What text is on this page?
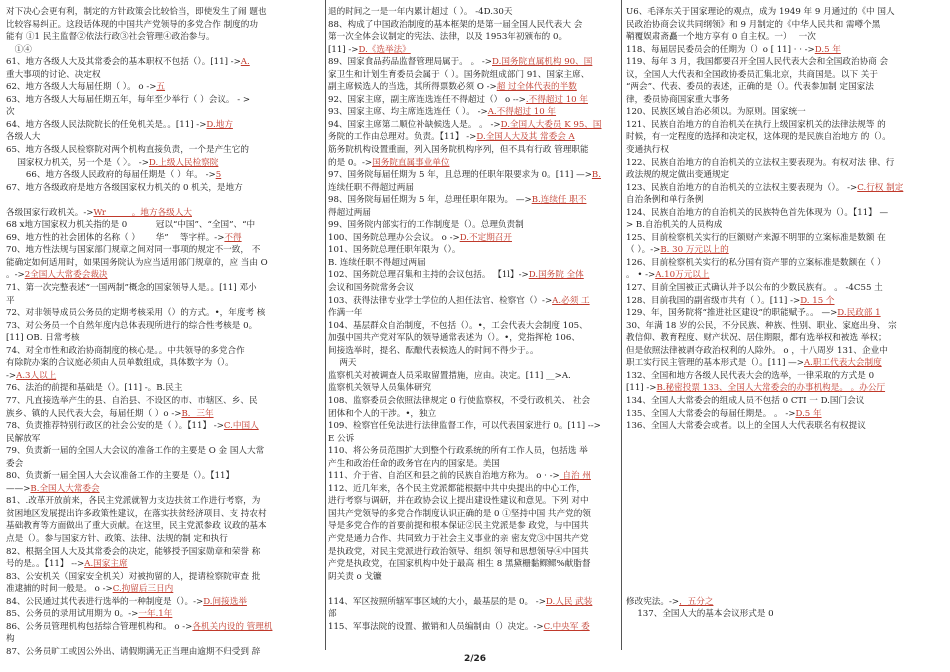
对下决心会更有利，制定的方针政策会比较恰当，即使发生了闹 题也
比较容易纠正。这段话体现的中国共产党领导的多党合作 制度的功
能有 ①1 民主监督②依法行政③社会管理④政治参与。
　①④
61、地方各级人大及其常委会的基本职权不包括（）。[11] ->A.
重大事项的讨论、决定权
62、地方各级人大每届任期（ ）。 o ->五
63、地方各级人大每届任期五年，每年至少举行（ ）会议。 - >
次
64、地方各级人民法院院长的任免机关是。。[11] ->D.地方
各级人大
65、地方各级人民检察院对两个机构直接负责，一个是产生它的
　 国家权力机关，另一个是（ 〉。 ->D.上级人民检察院
　　 66、地方各级人民政府的每届任期是（ ）年。 ->5
67、地方各级政府是地方各级国家权力机关的 0 机关，是地方

各级国家行政机关。->Wr　　　。地方各级人大
68 x地方国家权力机关指的是 0　　　 冠以“中国”、“全国”、“中
69、地方性的社会团体的名称（ ）　　 华”　 等字样。->不得
70、地方性法规与国家部门规章之间对同一事项的规定不一致， 不
能确定如何适用时，如果国务院认为应当适用部门规章的，应 当由 O
。->2全国人大常委会裁决
71、第一次完整表述“一国两制”概念的国家领导人是。。[11] 邓小
平
72、对非领导成员公务员的定期考核采用（）的方式。•，年度考 核
73、对公务员一个自然年度内总体表现所进行的综合性考核是 0。
[11] OB. 日常考核
74、对全市性和政治协商制度的核心是。。中共领导的多党合作
有除院办案的合议庭必须由人员单数组成，具体数字为（）。
->A.3人以上
76、法治的前提和基础是（）。[11] -。B.民主
77、凡直接选举产生的县、自治县、不设区的市、市辖区、乡、民
族乡、镇的人民代表大会，每届任期（ ）o ->B．三年
78、负责推荐特别行政区的社会公安的是（ ）。【11】 ->C.中国人
民解放军
79、负责新一届的全国人大会议的准备工作的主要是 O 金 国人大常
委会
80、负责新一届全国人大会议准备工作的主要是（）。【11】
——>B.全国人大常委会
81、.改革开放前来，各民主党派就智力支边扶贫工作进行考察，为
贫困地区发展提出许多政策性建议，在落实扶贫经济项目、支 持农村
基础教育等方面做出了重大贡献。在这里，民主党派参政 议政的基本
点是（）。参与国家方针、政策、法律、法规的制 定和执行
82、根据全国人大及其常委会的决定，能够授予国家勋章和荣誉 称
号的是。。【11】 -->A.国家主席
83、公安机关（国家安全机关）对被拘留的人，提请检察院审查 批
准逮捕的时间一般是。 o ->C.拘留后三日内
84、公民通过其代表进行选举的一种制度是（）。->D.间接选举
85、公务员的录用试用期为 0。->一年.1年
86、公务员管理机构包括综合管理机构和。 o ->各机关内设的 管理机
构
87、公务员旷工或因公外出、请假期满无正当理由逾期不归受到 辞
退的时间之一是一年内累计超过（ ）。 -4D.30天
88、构成了中国政治制度的基本框架的是第一届全国人民代表大 会
第一次全体会议制定的宪法、法律，以及 1953年初颁布的 0。
[11] ->D.《选举法》
89、国家食品药品监督管理局属于。 。 ->D.国务院直属机构 90、国
家卫生和计划生育委员会属于（ ）。国务院组成部门 91、国家主席、
副主席候选人的当选，其所得票数必须 O ->超 过全体代表的半数
92、国家主席，副主席连选连任不得超过（） o -->.不得超过 10 年
93、国家主席、均主席连选连任（ ）。 ->A.不得超过 10 年
94、国家主席第二顺位补缺候选人是。 。 ->D.全国人大委员 K 95、国
务院的工作由总理对。负责。【11】 ->D.全国人大及其 常委会 A
筋务院机构设置重面，列入国务院机构序列，但不具有行政 管理职能
的是 0。->国务院直属事业单位
97、国务院每届任期为 5 年，且总理的任职年限要求为 0。[11] —>B.
连续任职不得超过两届
98、国务院每届任期为 5 年，总理任职年限为。 —>B.连续任 职不
得超过两届
99、国务院内部实行的工作制度是（）。总理负责制
100、国务院总理办公会议。 o ->D.不定期召开
101、国务院总理任职年限为（）。
B. 连续任职不得超过两届
102、国务院总理召集和主持的会议包括。 【1l】->D.国务院 全体
会议和国务院常务会议
103、获得法律专业学士学位的人担任法官、检察官（）->A.必须 工
作满一年
104、基层群众自治制度，不包括（）。•，工会代表大会制度 105、
加强中国共产党对军队的领导通常表述为（）。•，党指挥枪 106、
间接选举时，提名、酝酿代表候选人的时间不得少于。。
　 两天
监察机关对被调查人员采取留置措施，应由。决定。[11] __>A.
监察机关领导人员集体研究
108、监察委员会依照法律规定 0 行使监察权，不受行政机关、 社会
团体和个人的干涉。•，独立
109、检察官任免法进行法律监督工作，可以代表国家进行 0。[11] -->
E 公诉
110、将公务员范围扩大到整个行政系统的所有工作人员，包括选 举
产生和政治任命的政务官在内的国家是。美国
111、介于省、自治区和县之前的民族自治地方称为。 o · -> 自治 州
112、近几年来，各个民主党派都能根据中共中央提出的中心工作，
进行考察与调研，并在政协会议上提出建设性建议和意见。下列 对中
国共产党领导的多党合作制度认识正确的是 0 ①坚持中国 共产党的领
导是多党合作的首要前提和根本保证②民主党派是参 政党，与中国共
产党是通力合作、共同致力于社会主义事业的亲 密友党③中国共产党
是执政党，对民主党派进行政治领导、组织 领导和思想领导④中国共
产党是执政党，在国家机构中处于最高 相生 8 黑黛栅黏鳏鳏%献脂督
阴关责 o 戈镰

114、军区按照所辖军事区域的大小，最基层的是 0。 ->D.人民 武装
部
115、军事法院的设置、撤销和人员编制由（）决定。->C.中央军 委
U6、毛泽东关于国家理论的观点，成为 1949 年 9 月通过的《中 国人
民政治协商会议共同纲领》和 9 月制定的《中华人民共和 需噂个黑
鞘覆娱肃斋矗一个地方享有 0 自主权。一）　 一次
118、每届居民委员会的任期为（）o [ 11] · · ->D.5 年
119、每年 3 月，我国都要召开全国人民代表大会和全国政治协商 会
议，全国人大代表和全国政协委员汇集北京，共商国是。以下 关于
“两会”、代表、委员的表述，正确的是（）。代表参加制 定国家法
律，委员协商国家重大事务
120、民族区域自治必须以。为原则。国家统一
121、民族自治地方的自治机关在执行上级国家机关的法律法规等 的
时候，有一定程度的选择和决定权，这体现的是民族自治地方 的（）。
变通执行权
122、民族自治地方的自治机关的立法权主要表现为。有权对法 律、行
政法规的规定做出变通规定
123、民族自治地方的自治机关的立法权主要表现为（）。 ->C.行权 制定
自治条例和单行条例
124、民族自治地方的自治机关的民族特色首先体现为（）。【11】 —
> B.自治机关的人员构成
125、目前检察机关实行的巨额财产来源不明罪的立案标准是数额 在
（ ）。->B. 30 万元以上的
126、目前检察机关实行的私分国有资产罪的立案标准是数额在（ ）
。 • ->A.10万元以上
127、目前全国被正式确认并予以公布的少数民族有。 。 -4C55 土
128、目前我国的副省级市共有（ ）。[11] ->D. 15 个
129、年，国务院将“推进社区建设”的职能赋予。。 —>D.民政部 1
30、年满 18 岁的公民，不分民族、种族、性别、职业、家庭出身、 宗
教信仰、教育程度、财产状况、居住期限，都有选举权和被选 举权；
但是依照法律被剥夺政治权利的人除外。 o ，十八周岁 131、企业中
职工实行民主管理的基本形式是（）。[11] —>A.职工代表大会制度
132、全国和地方各级人民代表大会的选举，一律采取的方式是 0
[11] ->B.秘密投票 133、全国人大常委会的办事机构是。 。办公厅
134、全国人大常委会的组成人员不包括 0 CTI 一 D.国门会议
135、全国人大常委会的每届任期是。 。 ->D.5 年
136、全国人大常委会或者。以上的全国人大代表联名有权提议

修改宪法。->，五分之
　 137、全国人大的基本会议形式是 0

2/26
